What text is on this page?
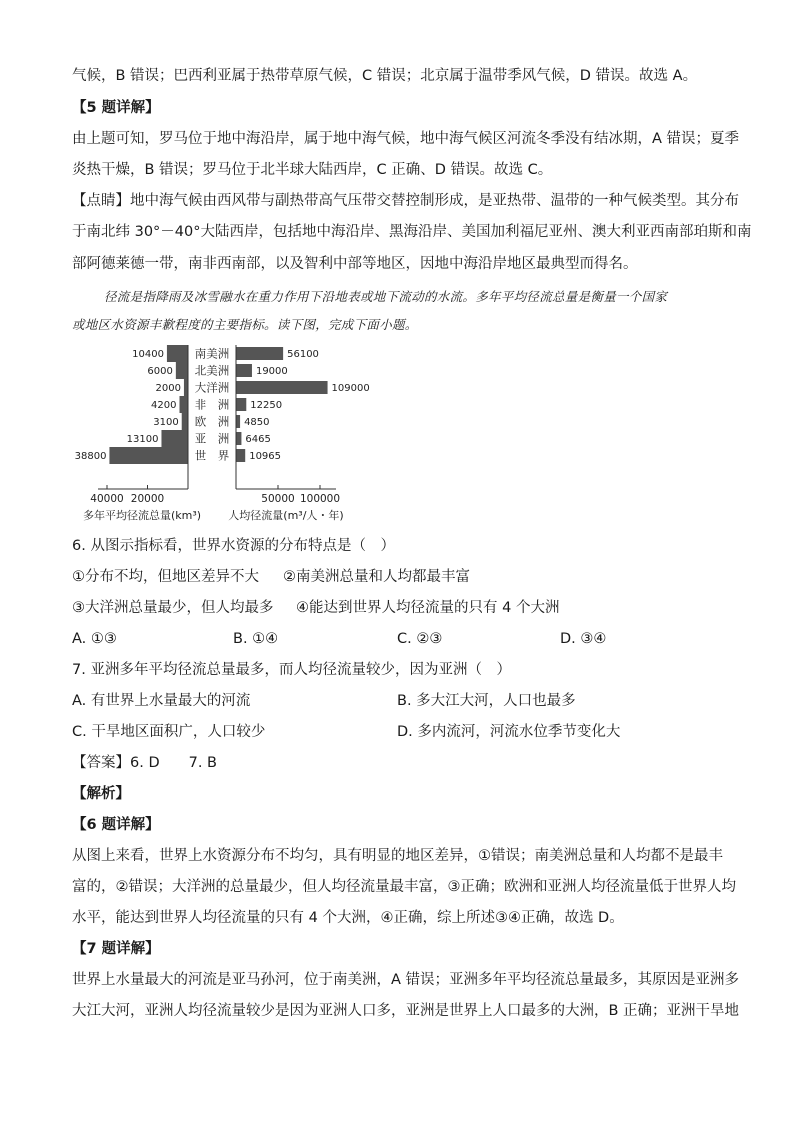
气候，B 错误；巴西利亚属于热带草原气候，C 错误；北京属于温带季风气候，D 错误。故选 A。
【5 题详解】
由上题可知，罗马位于地中海沿岸，属于地中海气候，地中海气候区河流冬季没有结冰期，A 错误；夏季
炎热干燥，B 错误；罗马位于北半球大陆西岸，C 正确、D 错误。故选 C。
【点睛】地中海气候由西风带与副热带高气压带交替控制形成，是亚热带、温带的一种气候类型。其分布
于南北纬 30°－40°大陆西岸，包括地中海沿岸、黑海沿岸、美国加利福尼亚州、澳大利亚西南部珀斯和南
部阿德莱德一带，南非西南部，以及智利中部等地区，因地中海沿岸地区最典型而得名。
径流是指降雨及冰雪融水在重力作用下沿地表或地下流动的水流。多年平均径流总量是衡量一个国家
或地区水资源丰歉程度的主要指标。读下图，完成下面小题。
10400	南美洲	56100
6000 北美洲	19000
2000 大洋洲	109000
4200 非　洲 12250
3100 欧　洲 4850
13100	亚　洲 6465
38800	世　界 10965
40000 20000	50000 100000
多年平均径流总量(km³) 人均径流量(m³/人・年)
6. 从图示指标看，世界水资源的分布特点是（　）
①分布不均，但地区差异不大 ②南美洲总量和人均都最丰富
③大洋洲总量最少，但人均最多 ④能达到世界人均径流量的只有 4 个大洲
A. ①③	B. ①④	C. ②③	D. ③④
7. 亚洲多年平均径流总量最多，而人均径流量较少，因为亚洲（　）
A. 有世界上水量最大的河流	B. 多大江大河，人口也最多
C. 干旱地区面积广，人口较少	D. 多内流河，河流水位季节变化大
【答案】6. D　　7. B
【解析】
【6 题详解】
从图上来看，世界上水资源分布不均匀，具有明显的地区差异，①错误；南美洲总量和人均都不是最丰
富的，②错误；大洋洲的总量最少，但人均径流量最丰富，③正确；欧洲和亚洲人均径流量低于世界人均
水平，能达到世界人均径流量的只有 4 个大洲，④正确，综上所述③④正确，故选 D。
【7 题详解】
世界上水量最大的河流是亚马孙河，位于南美洲，A 错误；亚洲多年平均径流总量最多，其原因是亚洲多
大江大河，亚洲人均径流量较少是因为亚洲人口多，亚洲是世界上人口最多的大洲，B 正确；亚洲干旱地
